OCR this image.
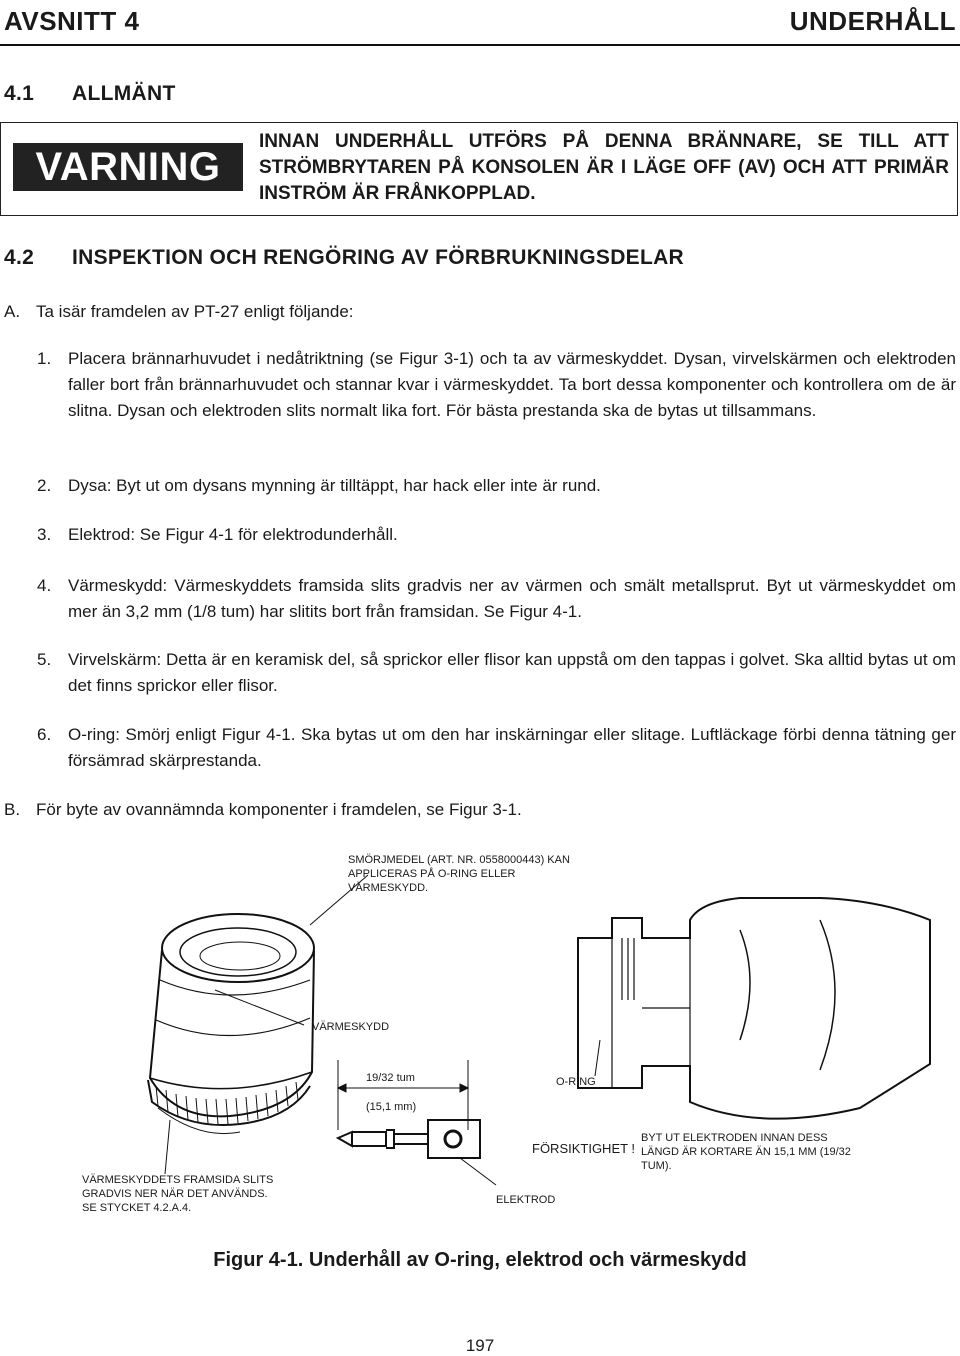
AVSNITT 4	UNDERHÅLL
4.1 ALLMÄNT
VARNING
INNAN UNDERHÅLL UTFÖRS PÅ DENNA BRÄNNARE, SE TILL ATT STRÖMBRYTAREN PÅ KONSOLEN ÄR I LÄGE OFF (AV) OCH ATT PRIMÄR INSTRÖM ÄR FRÅNKOPPLAD.
4.2 INSPEKTION OCH RENGÖRING AV FÖRBRUKNINGSDELAR
A. Ta isär framdelen av PT-27 enligt följande:
1. Placera brännarhuvudet i nedåtriktning (se Figur 3-1) och ta av värmeskyddet. Dysan, virvelskärmen och elektroden faller bort från brännarhuvudet och stannar kvar i värmeskyddet. Ta bort dessa komponenter och kontrollera om de är slitna. Dysan och elektroden slits normalt lika fort. För bästa prestanda ska de bytas ut tillsammans.
2. Dysa: Byt ut om dysans mynning är tilltäppt, har hack eller inte är rund.
3. Elektrod: Se Figur 4-1 för elektrodunderhåll.
4. Värmeskydd: Värmeskyddets framsida slits gradvis ner av värmen och smält metallsprut. Byt ut värmeskyddet om mer än 3,2 mm (1/8 tum) har slitits bort från framsidan. Se Figur 4-1.
5. Virvelskärm: Detta är en keramisk del, så sprickor eller flisor kan uppstå om den tappas i golvet. Ska alltid bytas ut om det finns sprickor eller flisor.
6. O-ring: Smörj enligt Figur 4-1. Ska bytas ut om den har inskärningar eller slitage. Luftläckage förbi denna tätning ger försämrad skärprestanda.
B. För byte av ovannämnda komponenter i framdelen, se Figur 3-1.
SMÖRJMEDEL (ART. NR. 0558000443) KAN APPLICERAS PÅ O-RING ELLER VÄRMESKYDD.
VÄRMESKYDD
19/32 tum
(15,1 mm)
O-RING
FÖRSIKTIGHET !
BYT UT ELEKTRODEN INNAN DESS LÄNGD ÄR KORTARE ÄN 15,1 MM (19/32 TUM).
VÄRMESKYDDETS FRAMSIDA SLITS GRADVIS NER NÄR DET ANVÄNDS. SE STYCKET 4.2.A.4.
ELEKTROD
Figur 4-1. Underhåll av O-ring, elektrod och värmeskydd
197
